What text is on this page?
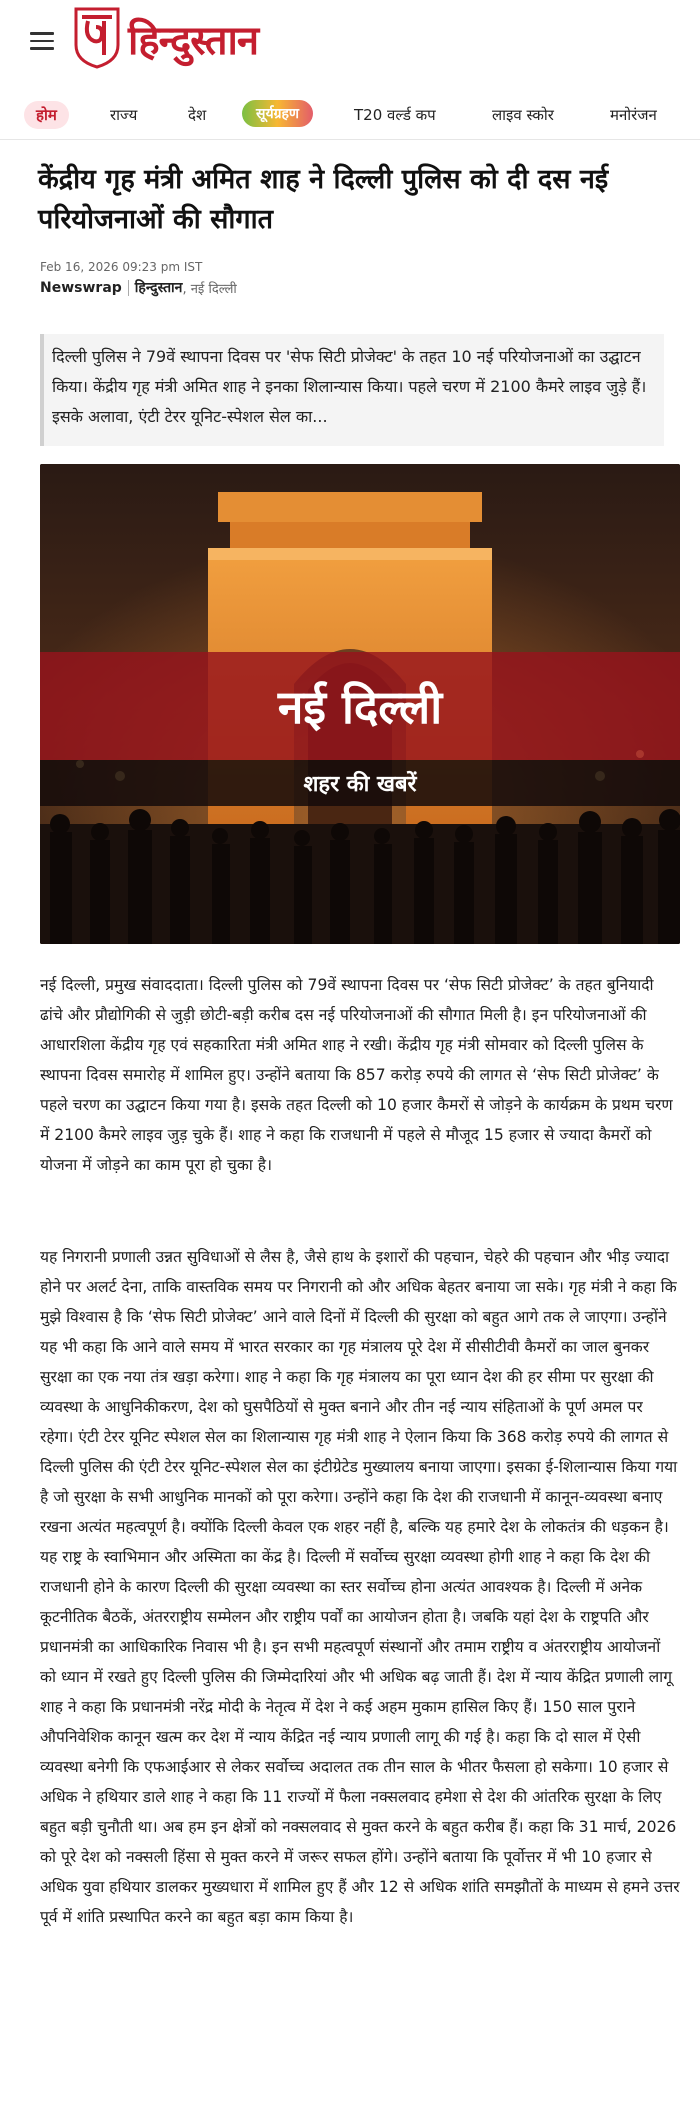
हिन्दुस्तान
होम	राज्य	देश	सूर्यग्रहण	T20 वर्ल्ड कप	लाइव स्कोर	मनोरंजन
केंद्रीय गृह मंत्री अमित शाह ने दिल्ली पुलिस को दी दस नई परियोजनाओं की सौगात
Feb 16, 2026 09:23 pm IST
Newswrap हिन्दुस्तान , नई दिल्ली
दिल्ली पुलिस ने 79वें स्थापना दिवस पर 'सेफ सिटी प्रोजेक्ट' के तहत 10 नई परियोजनाओं का उद्घाटन किया। केंद्रीय गृह मंत्री अमित शाह ने इनका शिलान्यास किया। पहले चरण में 2100 कैमरे लाइव जुड़े हैं। इसके अलावा, एंटी टेरर यूनिट-स्पेशल सेल का...
नई दिल्ली
शहर की खबरें

नई दिल्ली, प्रमुख संवाददाता। दिल्ली पुलिस को 79वें स्थापना दिवस पर ‘सेफ सिटी प्रोजेक्ट’ के तहत बुनियादी ढांचे और प्रौद्योगिकी से जुड़ी छोटी-बड़ी करीब दस नई परियोजनाओं की सौगात मिली है। इन परियोजनाओं की आधारशिला केंद्रीय गृह एवं सहकारिता मंत्री अमित शाह ने रखी। केंद्रीय गृह मंत्री सोमवार को दिल्ली पुलिस के स्थापना दिवस समारोह में शामिल हुए। उन्होंने बताया कि 857 करोड़ रुपये की लागत से ‘सेफ सिटी प्रोजेक्ट’ के पहले चरण का उद्घाटन किया गया है। इसके तहत दिल्ली को 10 हजार कैमरों से जोड़ने के कार्यक्रम के प्रथम चरण में 2100 कैमरे लाइव जुड़ चुके हैं। शाह ने कहा कि राजधानी में पहले से मौजूद 15 हजार से ज्यादा कैमरों को योजना में जोड़ने का काम पूरा हो चुका है।

यह निगरानी प्रणाली उन्नत सुविधाओं से लैस है, जैसे हाथ के इशारों की पहचान, चेहरे की पहचान और भीड़ ज्यादा होने पर अलर्ट देना, ताकि वास्तविक समय पर निगरानी को और अधिक बेहतर बनाया जा सके। गृह मंत्री ने कहा कि मुझे विश्वास है कि ‘सेफ सिटी प्रोजेक्ट’ आने वाले दिनों में दिल्ली की सुरक्षा को बहुत आगे तक ले जाएगा। उन्होंने यह भी कहा कि आने वाले समय में भारत सरकार का गृह मंत्रालय पूरे देश में सीसीटीवी कैमरों का जाल बुनकर सुरक्षा का एक नया तंत्र खड़ा करेगा। शाह ने कहा कि गृह मंत्रालय का पूरा ध्यान देश की हर सीमा पर सुरक्षा की व्यवस्था के आधुनिकीकरण, देश को घुसपैठियों से मुक्त बनाने और तीन नई न्याय संहिताओं के पूर्ण अमल पर रहेगा। एंटी टेरर यूनिट स्पेशल सेल का शिलान्यास गृह मंत्री शाह ने ऐलान किया कि 368 करोड़ रुपये की लागत से दिल्ली पुलिस की एंटी टेरर यूनिट-स्पेशल सेल का इंटीग्रेटेड मुख्यालय बनाया जाएगा। इसका ई-शिलान्यास किया गया है जो सुरक्षा के सभी आधुनिक मानकों को पूरा करेगा। उन्होंने कहा कि देश की राजधानी में कानून-व्यवस्था बनाए रखना अत्यंत महत्वपूर्ण है। क्योंकि दिल्ली केवल एक शहर नहीं है, बल्कि यह हमारे देश के लोकतंत्र की धड़कन है। यह राष्ट्र के स्वाभिमान और अस्मिता का केंद्र है। दिल्ली में सर्वोच्च सुरक्षा व्यवस्था होगी शाह ने कहा कि देश की राजधानी होने के कारण दिल्ली की सुरक्षा व्यवस्था का स्तर सर्वोच्च होना अत्यंत आवश्यक है। दिल्ली में अनेक कूटनीतिक बैठकें, अंतरराष्ट्रीय सम्मेलन और राष्ट्रीय पर्वों का आयोजन होता है। जबकि यहां देश के राष्ट्रपति और प्रधानमंत्री का आधिकारिक निवास भी है। इन सभी महत्वपूर्ण संस्थानों और तमाम राष्ट्रीय व अंतरराष्ट्रीय आयोजनों को ध्यान में रखते हुए दिल्ली पुलिस की जिम्मेदारियां और भी अधिक बढ़ जाती हैं। देश में न्याय केंद्रित प्रणाली लागू शाह ने कहा कि प्रधानमंत्री नरेंद्र मोदी के नेतृत्व में देश ने कई अहम मुकाम हासिल किए हैं। 150 साल पुराने औपनिवेशिक कानून खत्म कर देश में न्याय केंद्रित नई न्याय प्रणाली लागू की गई है। कहा कि दो साल में ऐसी व्यवस्था बनेगी कि एफआईआर से लेकर सर्वोच्च अदालत तक तीन साल के भीतर फैसला हो सकेगा। 10 हजार से अधिक ने हथियार डाले शाह ने कहा कि 11 राज्यों में फैला नक्सलवाद हमेशा से देश की आंतरिक सुरक्षा के लिए बहुत बड़ी चुनौती था। अब हम इन क्षेत्रों को नक्सलवाद से मुक्त करने के बहुत करीब हैं। कहा कि 31 मार्च, 2026 को पूरे देश को नक्सली हिंसा से मुक्त करने में जरूर सफल होंगे। उन्होंने बताया कि पूर्वोत्तर में भी 10 हजार से अधिक युवा हथियार डालकर मुख्यधारा में शामिल हुए हैं और 12 से अधिक शांति समझौतों के माध्यम से हमने उत्तर पूर्व में शांति प्रस्थापित करने का बहुत बड़ा काम किया है।
